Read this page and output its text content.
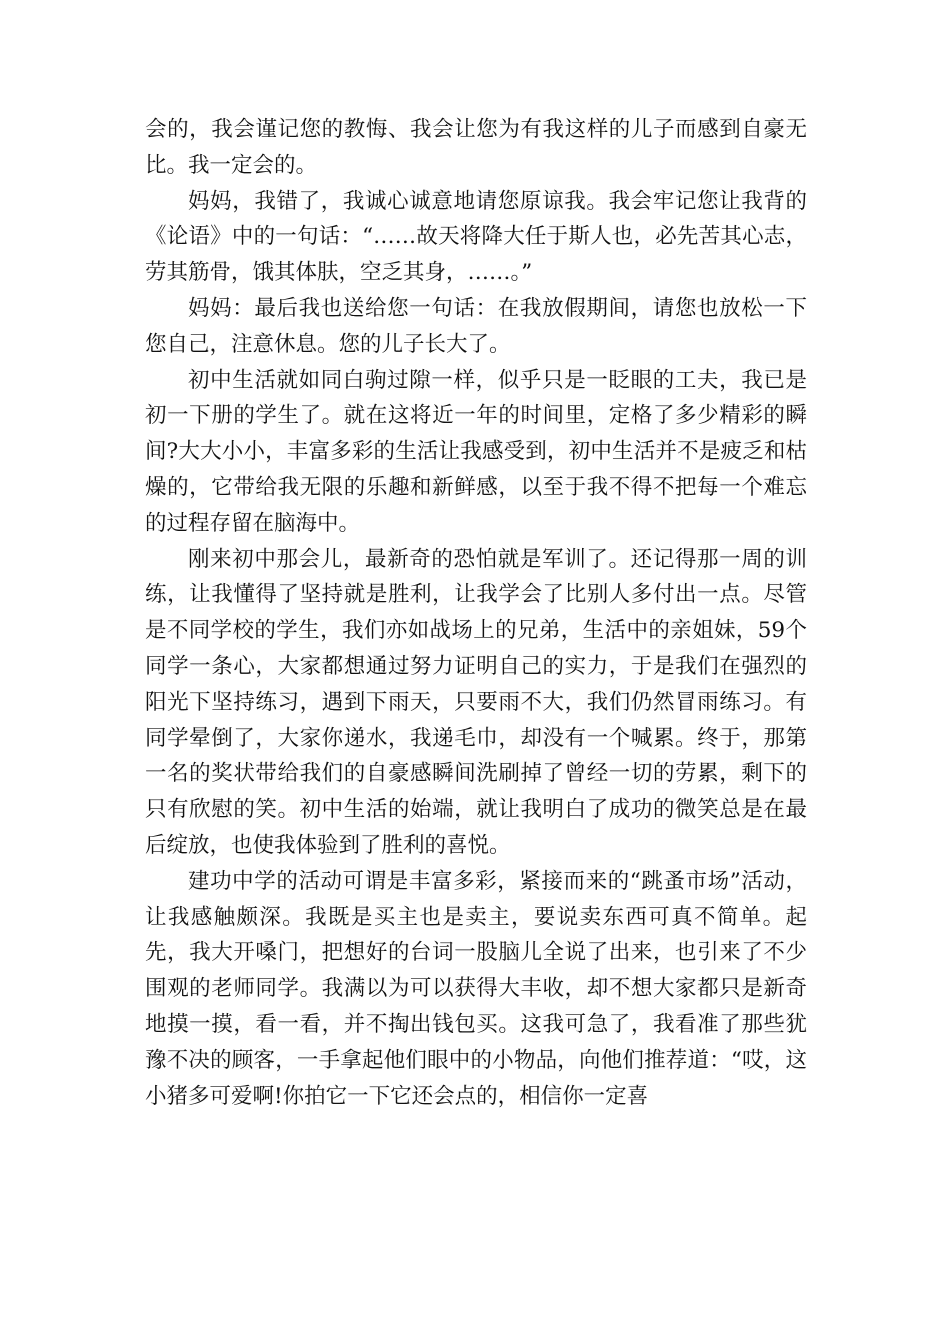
会的，我会谨记您的教悔、我会让您为有我这样的儿子而感到自豪无比。我一定会的。

妈妈，我错了，我诚心诚意地请您原谅我。我会牢记您让我背的《论语》中的一句话：“……故天将降大任于斯人也，必先苦其心志，劳其筋骨，饿其体肤，空乏其身，……。”

妈妈：最后我也送给您一句话：在我放假期间，请您也放松一下您自己，注意休息。您的儿子长大了。

初中生活就如同白驹过隙一样，似乎只是一眨眼的工夫，我已是初一下册的学生了。就在这将近一年的时间里，定格了多少精彩的瞬间?大大小小，丰富多彩的生活让我感受到，初中生活并不是疲乏和枯燥的，它带给我无限的乐趣和新鲜感，以至于我不得不把每一个难忘的过程存留在脑海中。

刚来初中那会儿，最新奇的恐怕就是军训了。还记得那一周的训练，让我懂得了坚持就是胜利，让我学会了比别人多付出一点。尽管是不同学校的学生，我们亦如战场上的兄弟，生活中的亲姐妹，59个同学一条心，大家都想通过努力证明自己的实力，于是我们在强烈的阳光下坚持练习，遇到下雨天，只要雨不大，我们仍然冒雨练习。有同学晕倒了，大家你递水，我递毛巾，却没有一个喊累。终于，那第一名的奖状带给我们的自豪感瞬间洗刷掉了曾经一切的劳累，剩下的只有欣慰的笑。初中生活的始端，就让我明白了成功的微笑总是在最后绽放，也使我体验到了胜利的喜悦。

建功中学的活动可谓是丰富多彩，紧接而来的“跳蚤市场”活动，让我感触颇深。我既是买主也是卖主，要说卖东西可真不简单。起先，我大开嗓门，把想好的台词一股脑儿全说了出来，也引来了不少围观的老师同学。我满以为可以获得大丰收，却不想大家都只是新奇地摸一摸，看一看，并不掏出钱包买。这我可急了，我看准了那些犹豫不决的顾客，一手拿起他们眼中的小物品，向他们推荐道：“哎，这小猪多可爱啊!你拍它一下它还会点的，相信你一定喜
